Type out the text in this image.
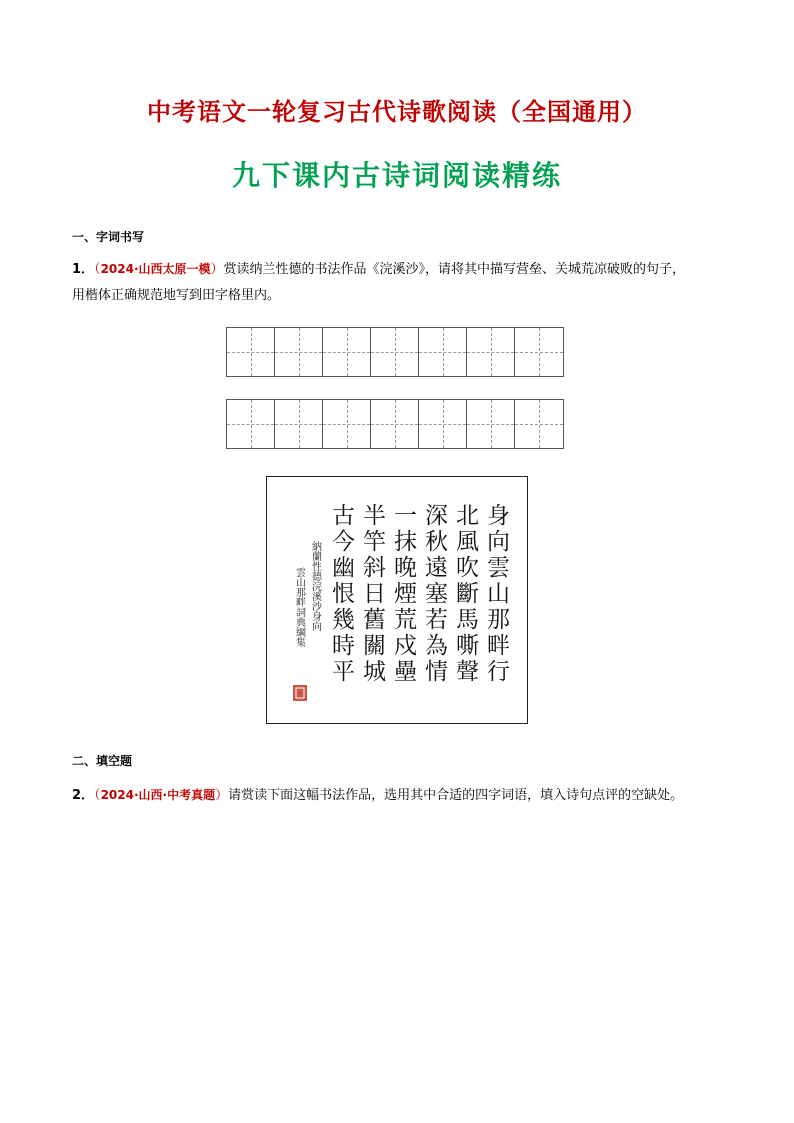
中考语文一轮复习古代诗歌阅读（全国通用）
九下课内古诗词阅读精练
一、字词书写
1．（2024·山西太原一模）赏读纳兰性德的书法作品《浣溪沙》，请将其中描写营垒、关城荒凉破败的句子，
用楷体正确规范地写到田字格里内。
身向雲山那畔行
北風吹斷馬嘶聲
深秋遠塞若為情
一抹晚煙荒戍壘
半竿斜日舊關城
古今幽恨幾時平
納蘭性德浣溪沙身向
雲山那畔詞典綱集
二、填空题
2．（2024·山西·中考真题）请赏读下面这幅书法作品，选用其中合适的四字词语，填入诗句点评的空缺处。
